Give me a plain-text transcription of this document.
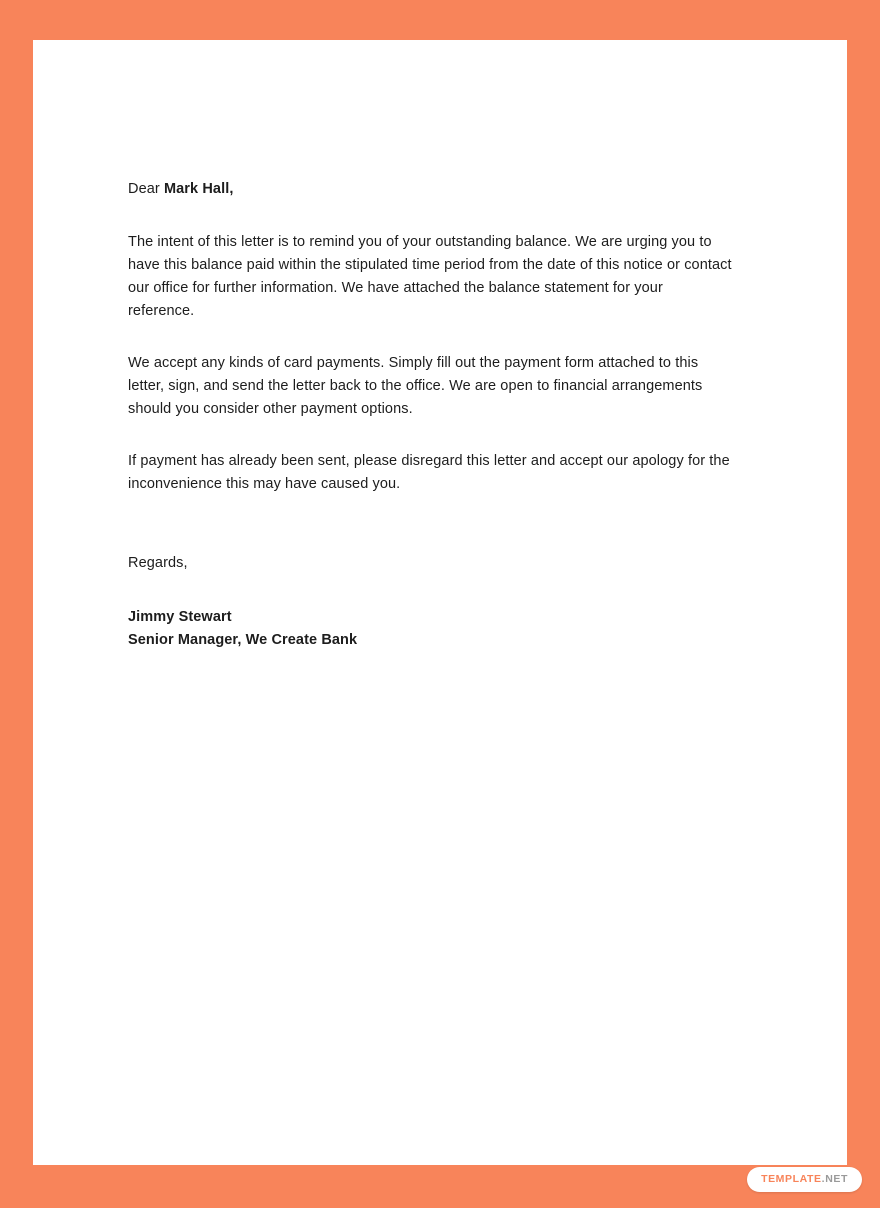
Dear Mark Hall,

The intent of this letter is to remind you of your outstanding balance. We are urging you to have this balance paid within the stipulated time period from the date of this notice or contact our office for further information. We have attached the balance statement for your reference.

We accept any kinds of card payments. Simply fill out the payment form attached to this letter, sign, and send the letter back to the office. We are open to financial arrangements should you consider other payment options.

If payment has already been sent, please disregard this letter and accept our apology for the inconvenience this may have caused you.

Regards,

Jimmy Stewart

Senior Manager, We Create Bank

TEMPLATE.NET
